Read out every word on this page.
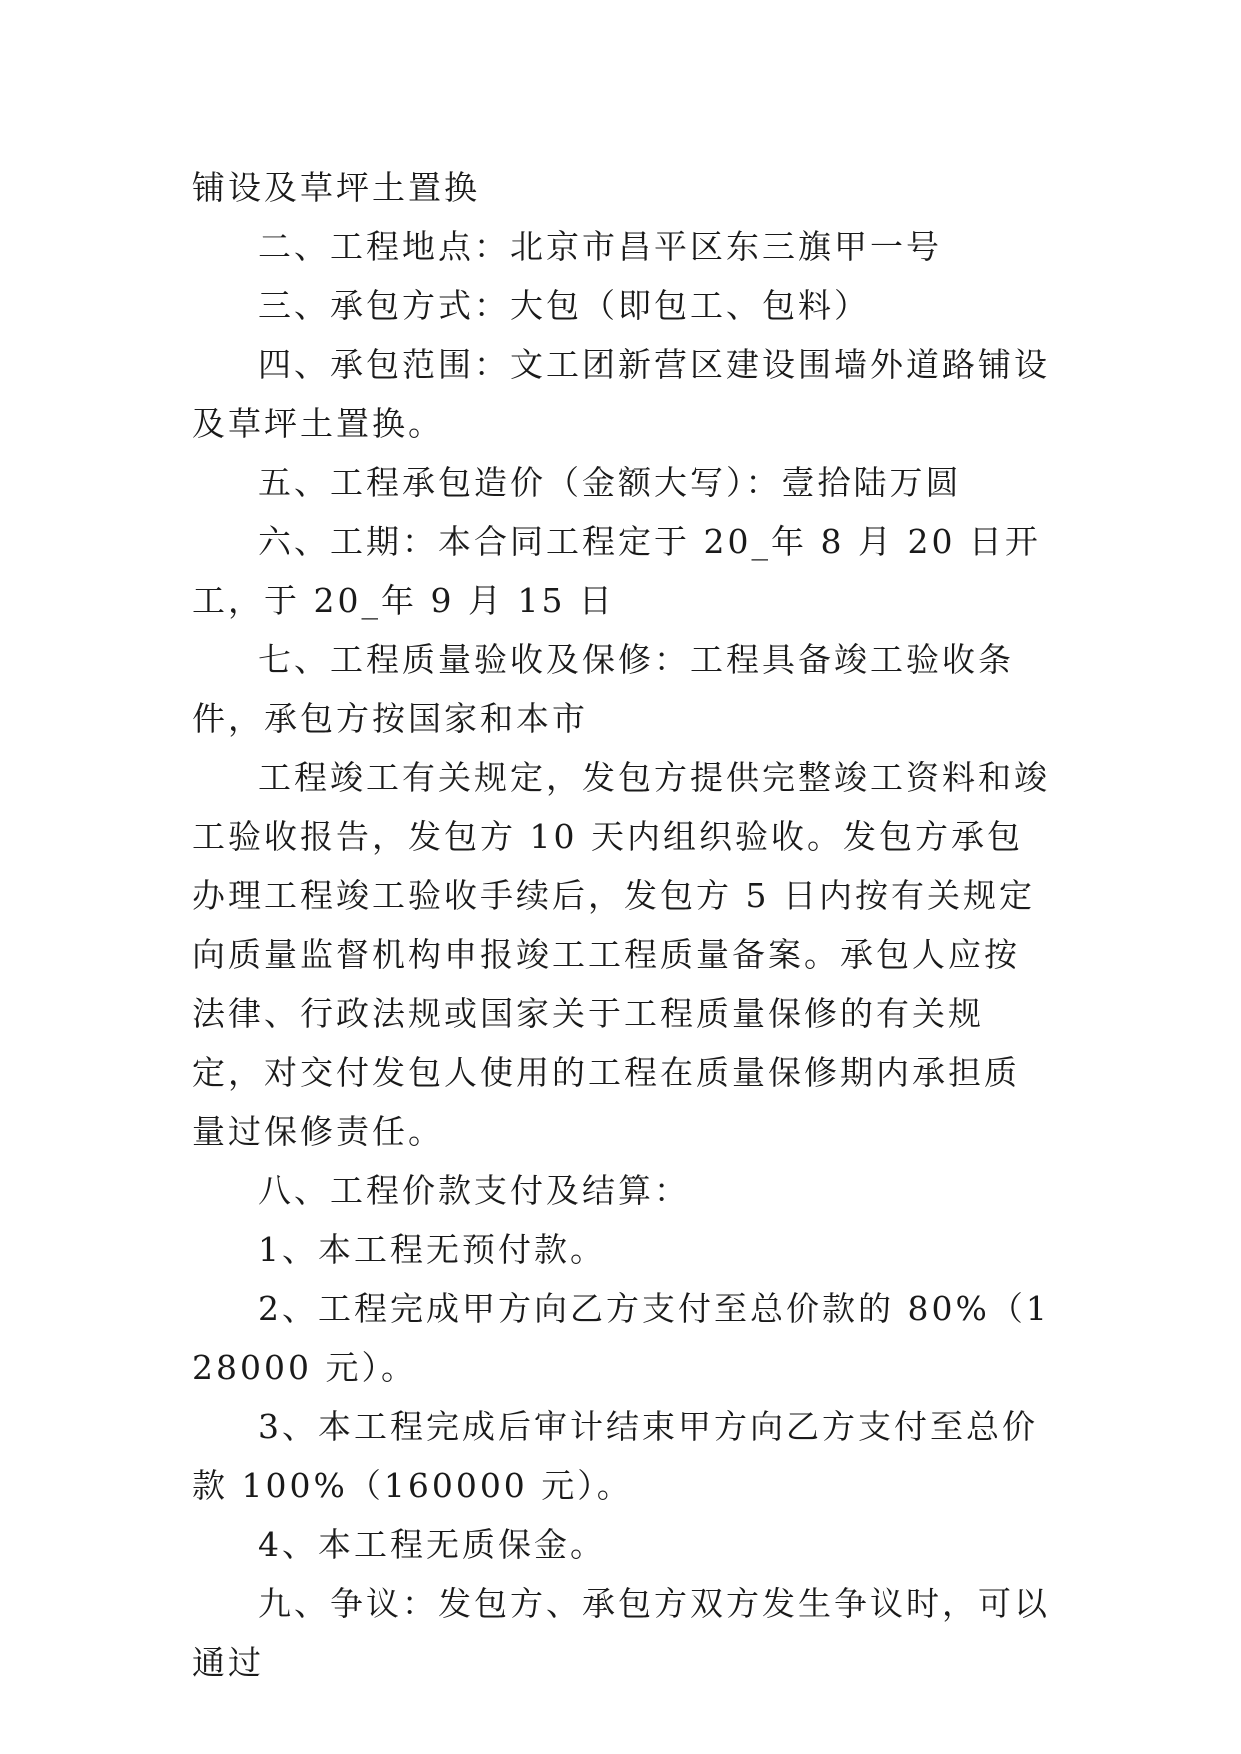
铺设及草坪土置换

二、工程地点：北京市昌平区东三旗甲一号

三、承包方式：大包（即包工、包料）

四、承包范围：文工团新营区建设围墙外道路铺设及草坪土置换。

五、工程承包造价（金额大写）：壹拾陆万圆

六、工期：本合同工程定于 20_年 8 月 20 日开工，于 20_年 9 月 15 日

七、工程质量验收及保修：工程具备竣工验收条件，承包方按国家和本市

工程竣工有关规定，发包方提供完整竣工资料和竣工验收报告，发包方 10 天内组织验收。发包方承包办理工程竣工验收手续后，发包方 5 日内按有关规定向质量监督机构申报竣工工程质量备案。承包人应按法律、行政法规或国家关于工程质量保修的有关规定，对交付发包人使用的工程在质量保修期内承担质量过保修责任。

八、工程价款支付及结算：

1、本工程无预付款。

2、工程完成甲方向乙方支付至总价款的 80%（128000 元）。

3、本工程完成后审计结束甲方向乙方支付至总价款 100%（160000 元）。

4、本工程无质保金。

九、争议：发包方、承包方双方发生争议时，可以通过
